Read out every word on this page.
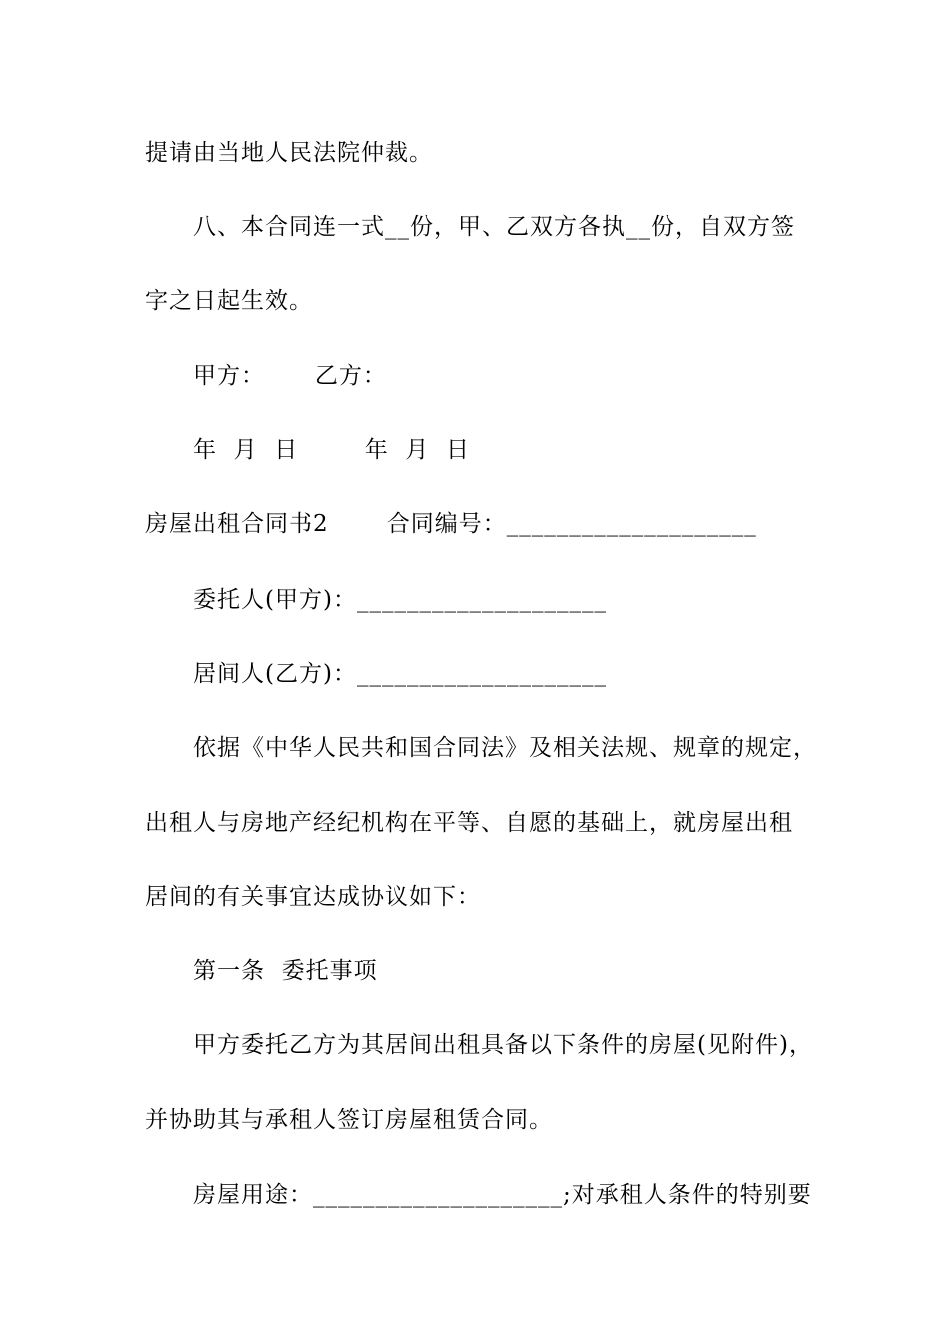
提请由当地人民法院仲裁。
八、本合同连一式__份，甲、乙双方各执__份，自双方签
字之日起生效。
甲方：      乙方：
年  月  日        年  月  日
房屋出租合同书2       合同编号：____________________
委托人(甲方)：____________________
居间人(乙方)：____________________
依据《中华人民共和国合同法》及相关法规、规章的规定，
出租人与房地产经纪机构在平等、自愿的基础上，就房屋出租
居间的有关事宜达成协议如下：
第一条  委托事项
甲方委托乙方为其居间出租具备以下条件的房屋(见附件)，
并协助其与承租人签订房屋租赁合同。
房屋用途：____________________;对承租人条件的特别要
